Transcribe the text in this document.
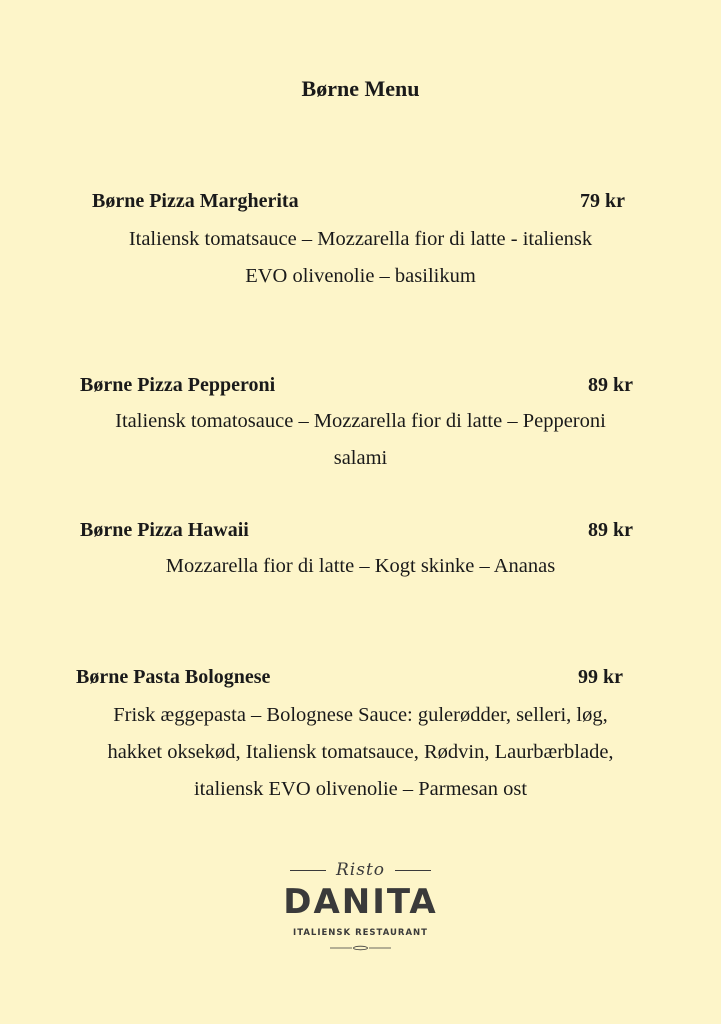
Børne Menu
Børne Pizza Margherita	79 kr
Italiensk tomatsauce – Mozzarella fior di latte - italiensk
EVO olivenolie – basilikum
Børne Pizza Pepperoni	89 kr
Italiensk tomatosauce – Mozzarella fior di latte – Pepperoni
salami
Børne Pizza Hawaii	89 kr
Mozzarella fior di latte – Kogt skinke – Ananas
Børne Pasta Bolognese	99 kr
Frisk æggepasta – Bolognese Sauce: gulerødder, selleri, løg,
hakket oksekød, Italiensk tomatsauce, Rødvin, Laurbærblade,
italiensk EVO olivenolie – Parmesan ost
Risto
DANITA
ITALIENSK RESTAURANT
